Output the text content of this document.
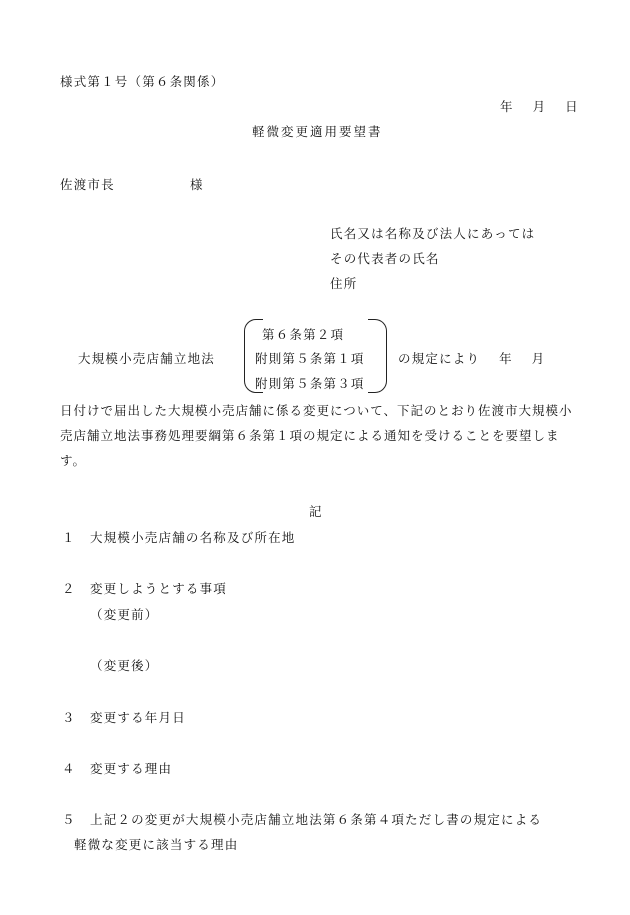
様式第１号（第６条関係）
年　 月　 日
軽微変更適用要望書
佐渡市長	様
氏名又は名称及び法人にあっては
その代表者の氏名
住所
大規模小売店舗立地法
第６条第２項
附則第５条第１項
附則第５条第３項
の規定により　 年　 月
日付けで届出した大規模小売店舗に係る変更について、下記のとおり佐渡市大規模小売店舗立地法事務処理要綱第６条第１項の規定による通知を受けることを要望します。
記
１ 大規模小売店舗の名称及び所在地
２ 変更しようとする事項
（変更前）
（変更後）
３ 変更する年月日
４ 変更する理由
５ 上記２の変更が大規模小売店舗立地法第６条第４項ただし書の規定による
軽微な変更に該当する理由
